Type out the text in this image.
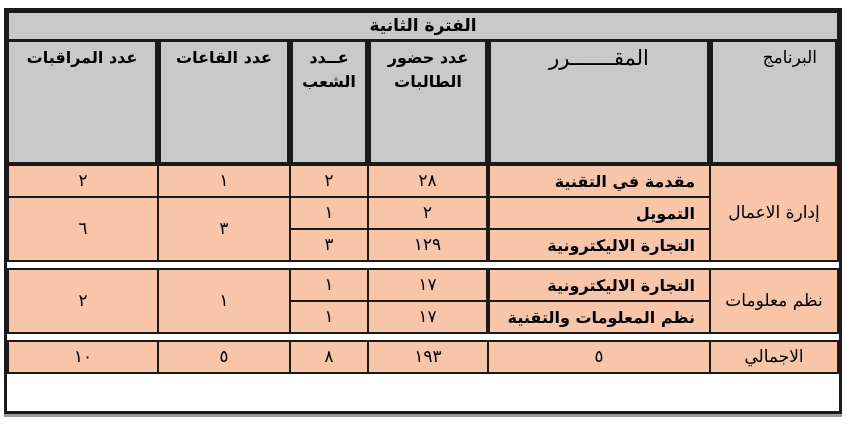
الفترة الثانية					
البرنامج	المقـــــــرر	عدد حضور الطالبات	عــدد الشعب	عدد القاعات	عدد المراقبات
إدارة الاعمال	مقدمة في التقنية	٢٨	٢	١	٢
	التمويل	٢	١	٣	٦
	التجارة الاليكترونية	١٢٩	٣		

نظم معلومات	التجارة الاليكترونية	١٧	١	١	٢
	نظم المعلومات والتقنية	١٧	١		

الاجمالي	٥	١٩٣	٨	٥	١٠
